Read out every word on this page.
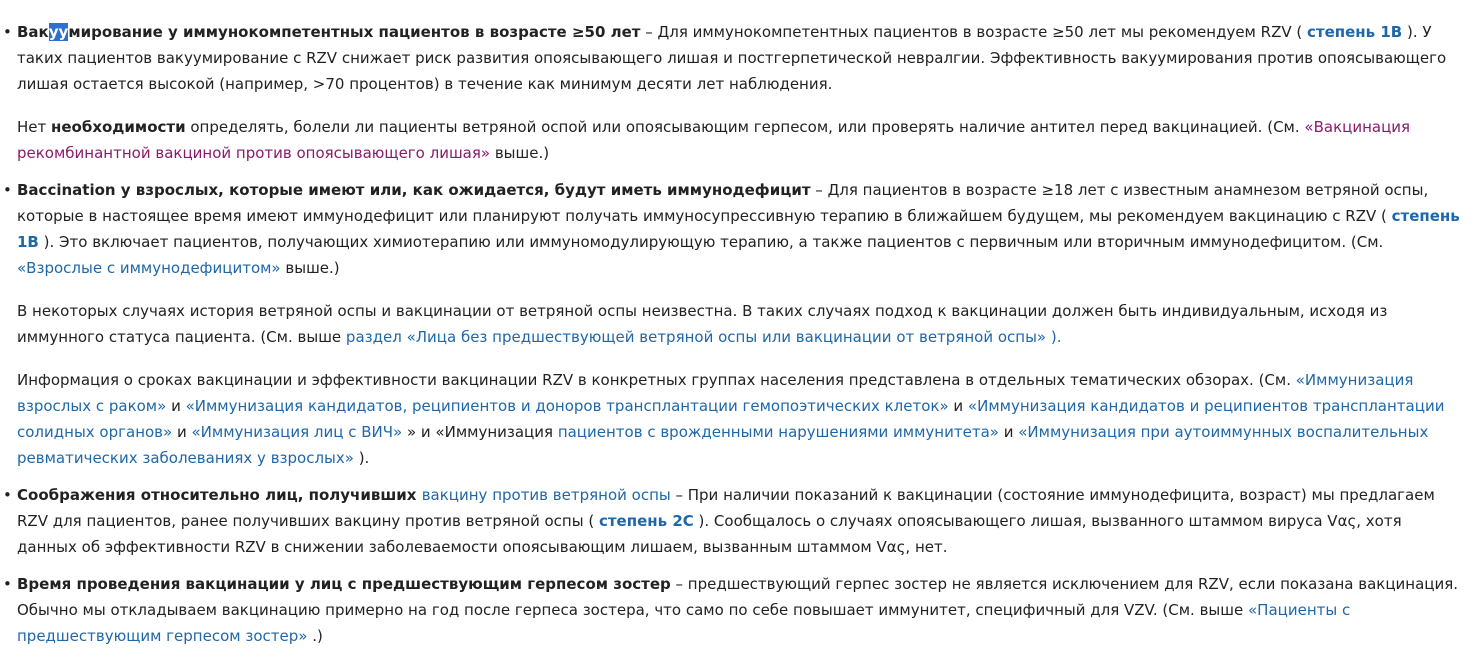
• Вакуумирование у иммунокомпетентных пациентов в возрасте ≥50 лет – Для иммунокомпетентных пациентов в возрасте ≥50 лет мы рекомендуем RZV ( степень 1B ). У таких пациентов вакуумирование с RZV снижает риск развития опоясывающего лишая и постгерпетической невралгии. Эффективность вакуумирования против опоясывающего лишая остается высокой (например, >70 процентов) в течение как минимум десяти лет наблюдения.

Нет необходимости определять, болели ли пациенты ветряной оспой или опоясывающим герпесом, или проверять наличие антител перед вакцинацией. (См. «Вакцинация рекомбинантной вакциной против опоясывающего лишая» выше.)

• Baccination у взрослых, которые имеют или, как ожидается, будут иметь иммунодефицит – Для пациентов в возрасте ≥18 лет с известным анамнезом ветряной оспы, которые в настоящее время имеют иммунодефицит или планируют получать иммуносупрессивную терапию в ближайшем будущем, мы рекомендуем вакцинацию с RZV ( степень 1B ). Это включает пациентов, получающих химиотерапию или иммуномодулирующую терапию, а также пациентов с первичным или вторичным иммунодефицитом. (См. «Взрослые с иммунодефицитом» выше.)

В некоторых случаях история ветряной оспы и вакцинации от ветряной оспы неизвестна. В таких случаях подход к вакцинации должен быть индивидуальным, исходя из иммунного статуса пациента. (См. выше раздел «Лица без предшествующей ветряной оспы или вакцинации от ветряной оспы» ).

Информация о сроках вакцинации и эффективности вакцинации RZV в конкретных группах населения представлена в отдельных тематических обзорах. (См. «Иммунизация взрослых с раком» и «Иммунизация кандидатов, реципиентов и доноров трансплантации гемопоэтических клеток» и «Иммунизация кандидатов и реципиентов трансплантации солидных органов» и «Иммунизация лиц с ВИЧ» » и «Иммунизация пациентов с врожденными нарушениями иммунитета» и «Иммунизация при аутоиммунных воспалительных ревматических заболеваниях у взрослых» ).

• Соображения относительно лиц, получивших вакцину против ветряной оспы – При наличии показаний к вакцинации (состояние иммунодефицита, возраст) мы предлагаем RZV для пациентов, ранее получивших вакцину против ветряной оспы ( степень 2C ). Сообщалось о случаях опоясывающего лишая, вызванного штаммом вируса Vας, хотя данных об эффективности RZV в снижении заболеваемости опоясывающим лишаем, вызванным штаммом Vας, нет.

• Время проведения вакцинации у лиц с предшествующим герпесом зостер – предшествующий герпес зостер не является исключением для RZV, если показана вакцинация. Обычно мы откладываем вакцинацию примерно на год после герпеса зостера, что само по себе повышает иммунитет, специфичный для VZV. (См. выше «Пациенты с предшествующим герпесом зостер» .)
